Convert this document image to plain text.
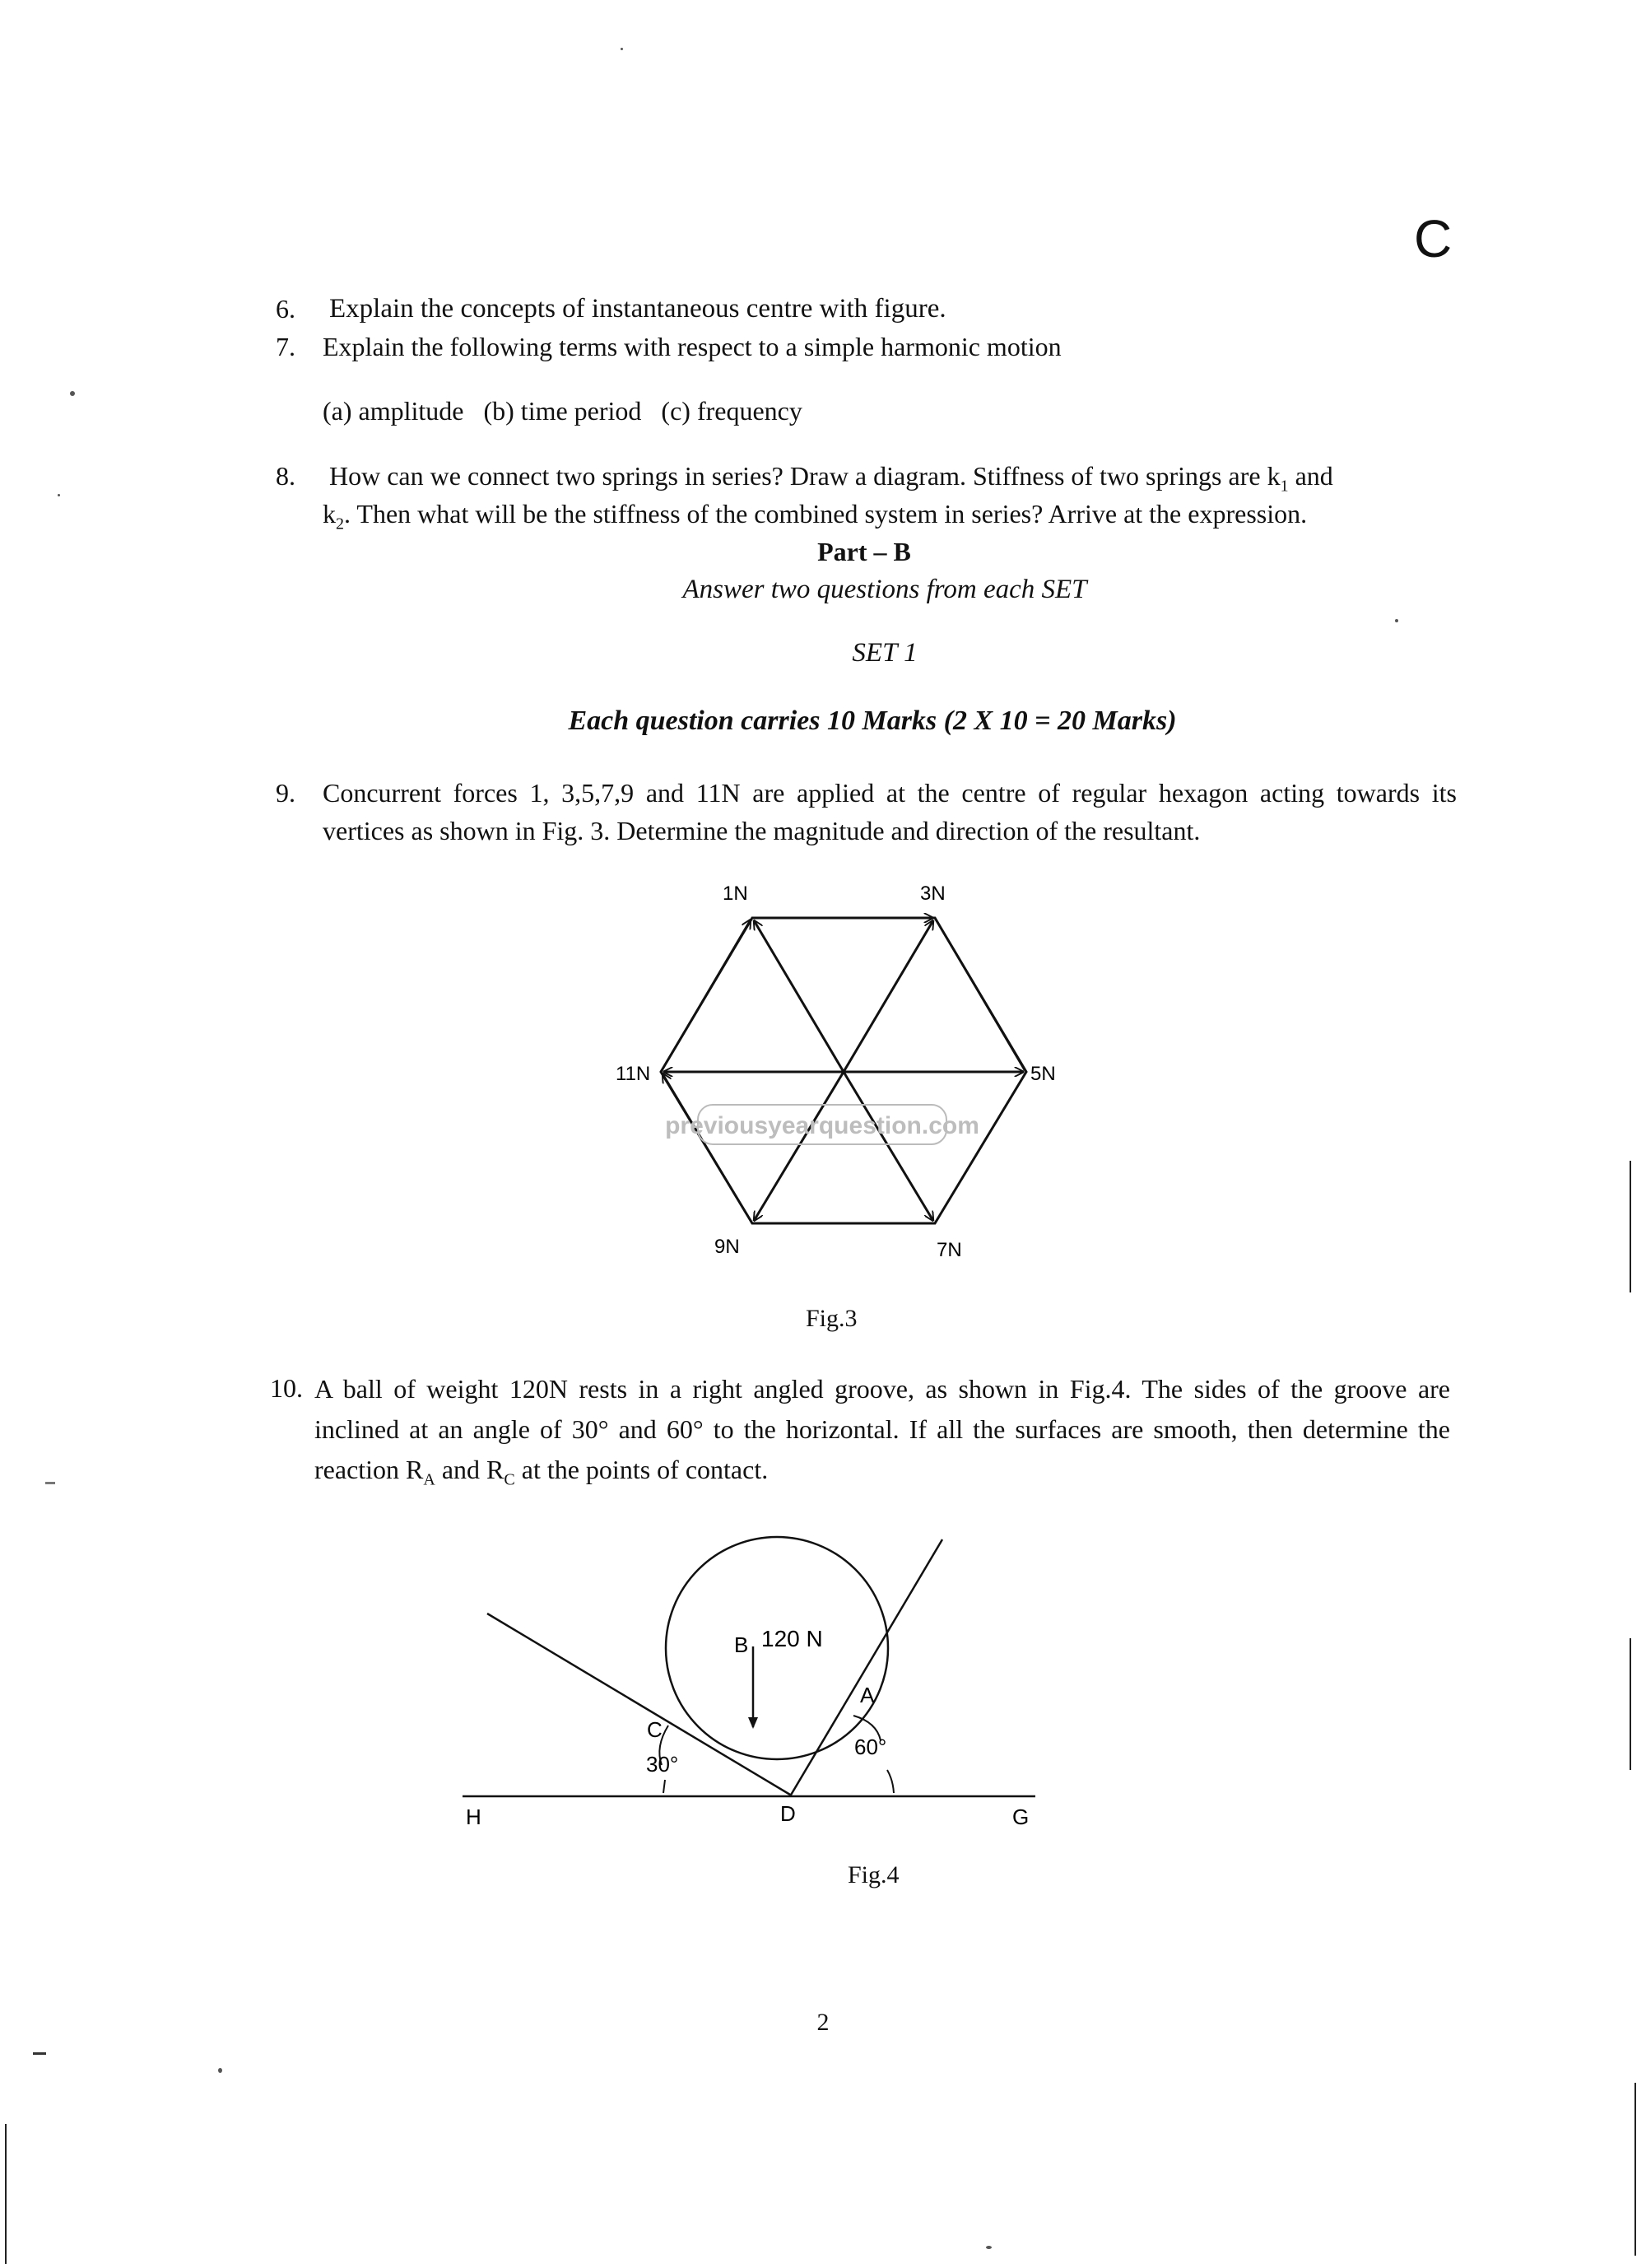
C
6. Explain the concepts of instantaneous centre with figure.
7. Explain the following terms with respect to a simple harmonic motion
(a) amplitude   (b) time period   (c) frequency
8. How can we connect two springs in series? Draw a diagram. Stiffness of two springs are $k_1$ and
$k_2$. Then what will be the stiffness of the combined system in series? Arrive at the expression.
Part – B
Answer two questions from each SET
SET 1
Each question carries 10 Marks (2 X 10 = 20 Marks)
9. Concurrent forces 1, 3,5,7,9 and 11N are applied at the centre of regular hexagon acting towards its vertices as shown in Fig. 3. Determine the magnitude and direction of the resultant.
1N	3N
5N
7N
9N
11N
previousyearquestion.com
Fig.3
10. A ball of weight 120N rests in a right angled groove, as shown in Fig.4. The sides of the groove are inclined at an angle of 30° and 60° to the horizontal. If all the surfaces are smooth, then determine the reaction $R_A$ and $R_C$ at the points of contact.
B 120 N
A
C
30°
60°
D
H	G
Fig.4
2
